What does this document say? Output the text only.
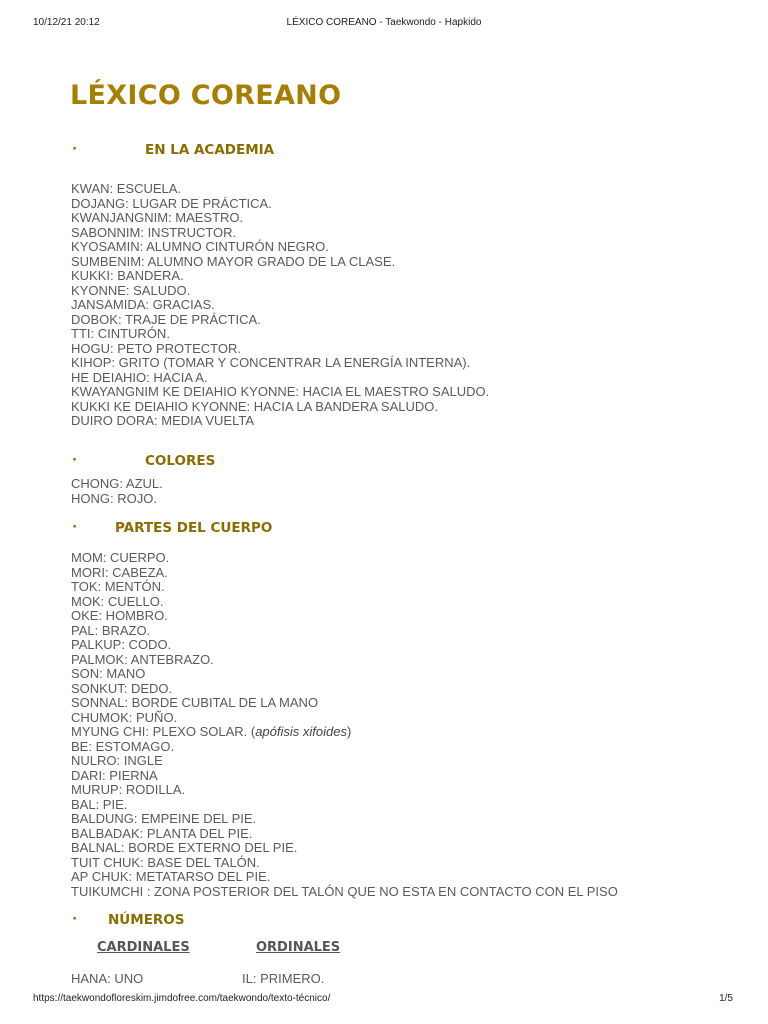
10/12/21 20:12	LÉXICO COREANO - Taekwondo - Hapkido
LÉXICO COREANO
·	EN LA ACADEMIA
KWAN: ESCUELA.
DOJANG: LUGAR DE PRÁCTICA.
KWANJANGNIM: MAESTRO.
SABONNIM: INSTRUCTOR.
KYOSAMIN: ALUMNO CINTURÓN NEGRO.
SUMBENIM: ALUMNO MAYOR GRADO DE LA CLASE.
KUKKI: BANDERA.
KYONNE: SALUDO.
JANSAMIDA: GRACIAS.
DOBOK: TRAJE DE PRÁCTICA.
TTI: CINTURÓN.
HOGU: PETO PROTECTOR.
KIHOP: GRITO (TOMAR Y CONCENTRAR LA ENERGÍA INTERNA).
HE DEIAHIO: HACIA A.
KWAYANGNIM KE DEIAHIO KYONNE: HACIA EL MAESTRO SALUDO.
KUKKI KE DEIAHIO KYONNE: HACIA LA BANDERA SALUDO.
DUIRO DORA: MEDIA VUELTA
·	COLORES
CHONG: AZUL.
HONG: ROJO.
·	PARTES DEL CUERPO
MOM: CUERPO.
MORI: CABEZA.
TOK: MENTÓN.
MOK: CUELLO.
OKE: HOMBRO.
PAL: BRAZO.
PALKUP: CODO.
PALMOK: ANTEBRAZO.
SON: MANO
SONKUT: DEDO.
SONNAL: BORDE CUBITAL DE LA MANO
CHUMOK: PUÑO.
MYUNG CHI: PLEXO SOLAR. (apófisis xifoides)
BE: ESTOMAGO.
NULRO: INGLE
DARI: PIERNA
MURUP: RODILLA.
BAL: PIE.
BALDUNG: EMPEINE DEL PIE.
BALBADAK: PLANTA DEL PIE.
BALNAL: BORDE EXTERNO DEL PIE.
TUIT CHUK: BASE DEL TALÓN.
AP CHUK: METATARSO DEL PIE.
TUIKUMCHI : ZONA POSTERIOR DEL TALÓN QUE NO ESTA EN CONTACTO CON EL PISO
· NÚMEROS
CARDINALES	ORDINALES
HANA: UNO	IL: PRIMERO.
https://taekwondofloreskim.jimdofree.com/taekwondo/texto-técnico/	1/5
